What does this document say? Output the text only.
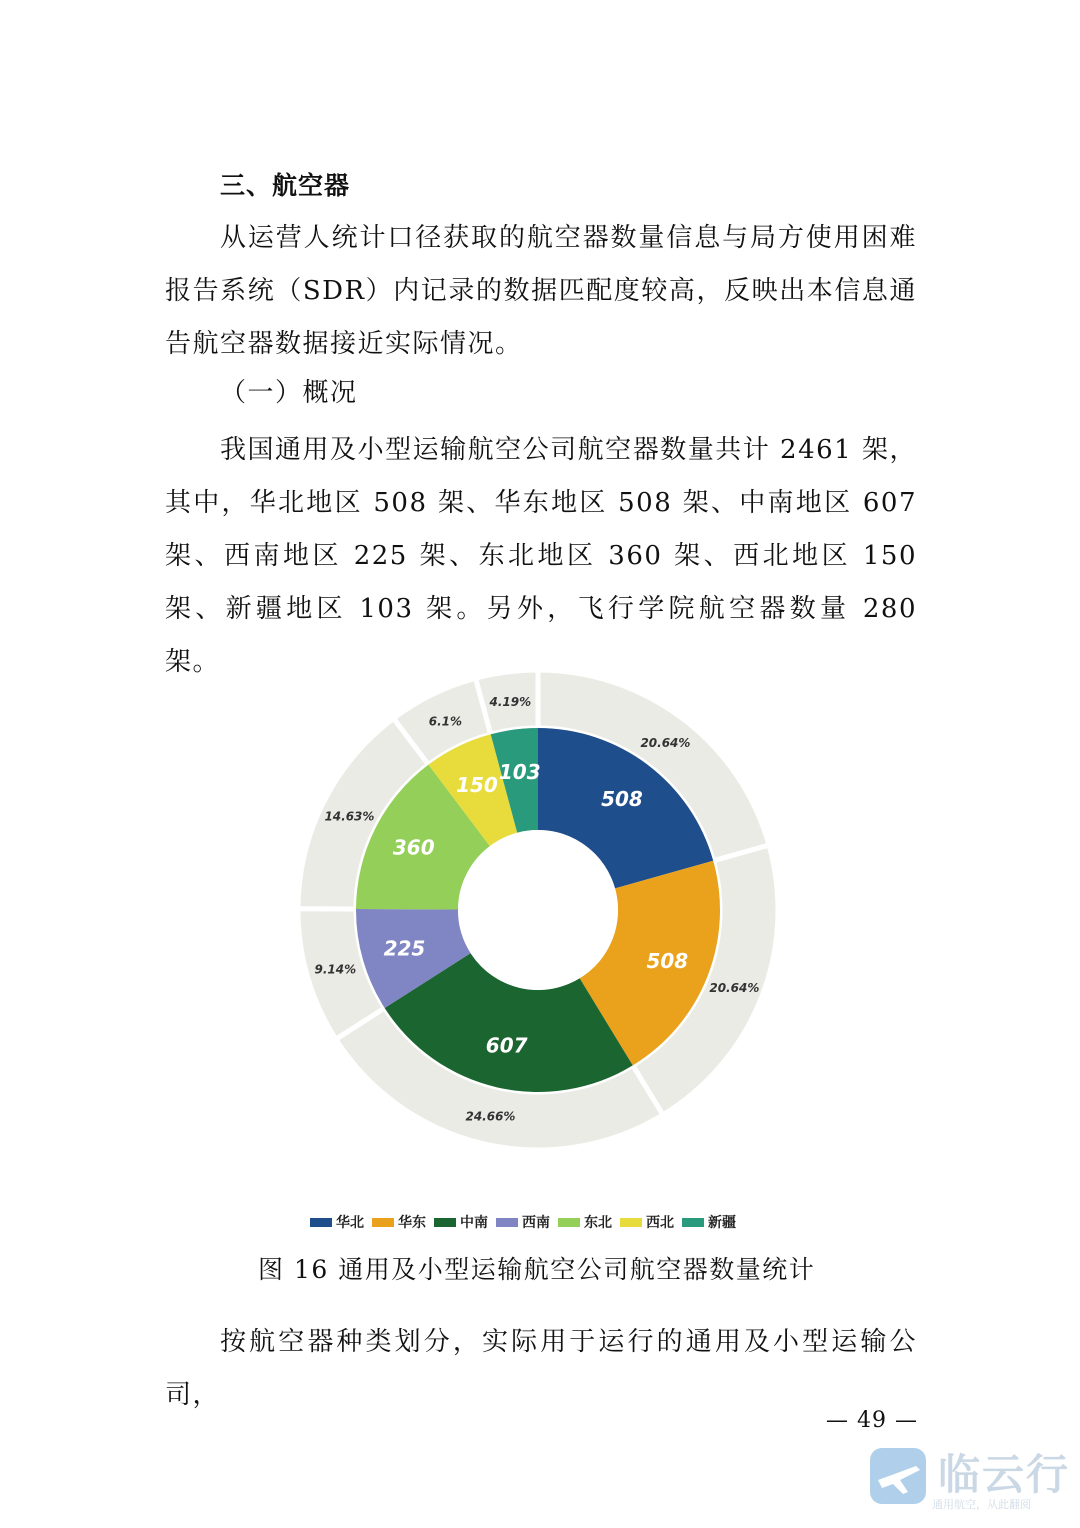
三、航空器

从运营人统计口径获取的航空器数量信息与局方使用困难报告系统（SDR）内记录的数据匹配度较高，反映出本信息通告航空器数据接近实际情况。

（一）概况

我国通用及小型运输航空公司航空器数量共计 2461 架，其中，华北地区 508 架、华东地区 508 架、中南地区 607 架、西南地区 225 架、东北地区 360 架、西北地区 150 架、新疆地区 103 架。另外，飞行学院航空器数量 280 架。

508
508
607
225
360
150
103
20.64%
20.64%
24.66%
9.14%
14.63%
6.1%
4.19%
华北 华东 中南 西南 东北 西北 新疆
图 16 通用及小型运输航空公司航空器数量统计

按航空器种类划分，实际用于运行的通用及小型运输公司，

— 49 —
临云行
通用航空，从此翻阅
